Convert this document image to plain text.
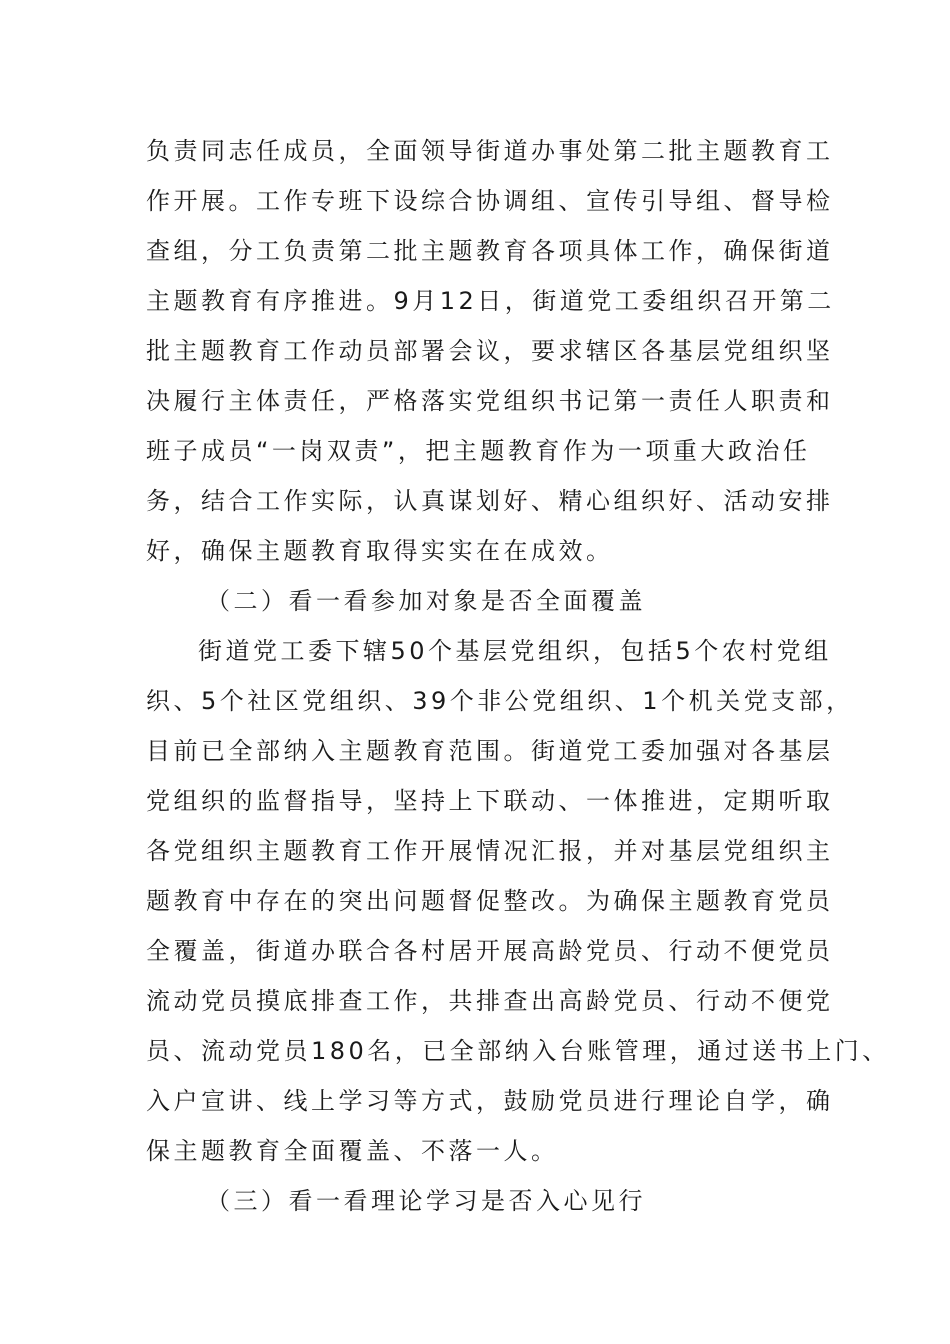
负责同志任成员，全面领导街道办事处第二批主题教育工
作开展。工作专班下设综合协调组、宣传引导组、督导检
查组，分工负责第二批主题教育各项具体工作，确保街道
主题教育有序推进。9月12日，街道党工委组织召开第二
批主题教育工作动员部署会议，要求辖区各基层党组织坚
决履行主体责任，严格落实党组织书记第一责任人职责和
班子成员“一岗双责”，把主题教育作为一项重大政治任
务，结合工作实际，认真谋划好、精心组织好、活动安排
好，确保主题教育取得实实在在成效。
（二）看一看参加对象是否全面覆盖
街道党工委下辖50个基层党组织，包括5个农村党组
织、5个社区党组织、39个非公党组织、1个机关党支部，
目前已全部纳入主题教育范围。街道党工委加强对各基层
党组织的监督指导，坚持上下联动、一体推进，定期听取
各党组织主题教育工作开展情况汇报，并对基层党组织主
题教育中存在的突出问题督促整改。为确保主题教育党员
全覆盖，街道办联合各村居开展高龄党员、行动不便党员
流动党员摸底排查工作，共排查出高龄党员、行动不便党
员、流动党员180名，已全部纳入台账管理，通过送书上门、
入户宣讲、线上学习等方式，鼓励党员进行理论自学，确
保主题教育全面覆盖、不落一人。
（三）看一看理论学习是否入心见行
